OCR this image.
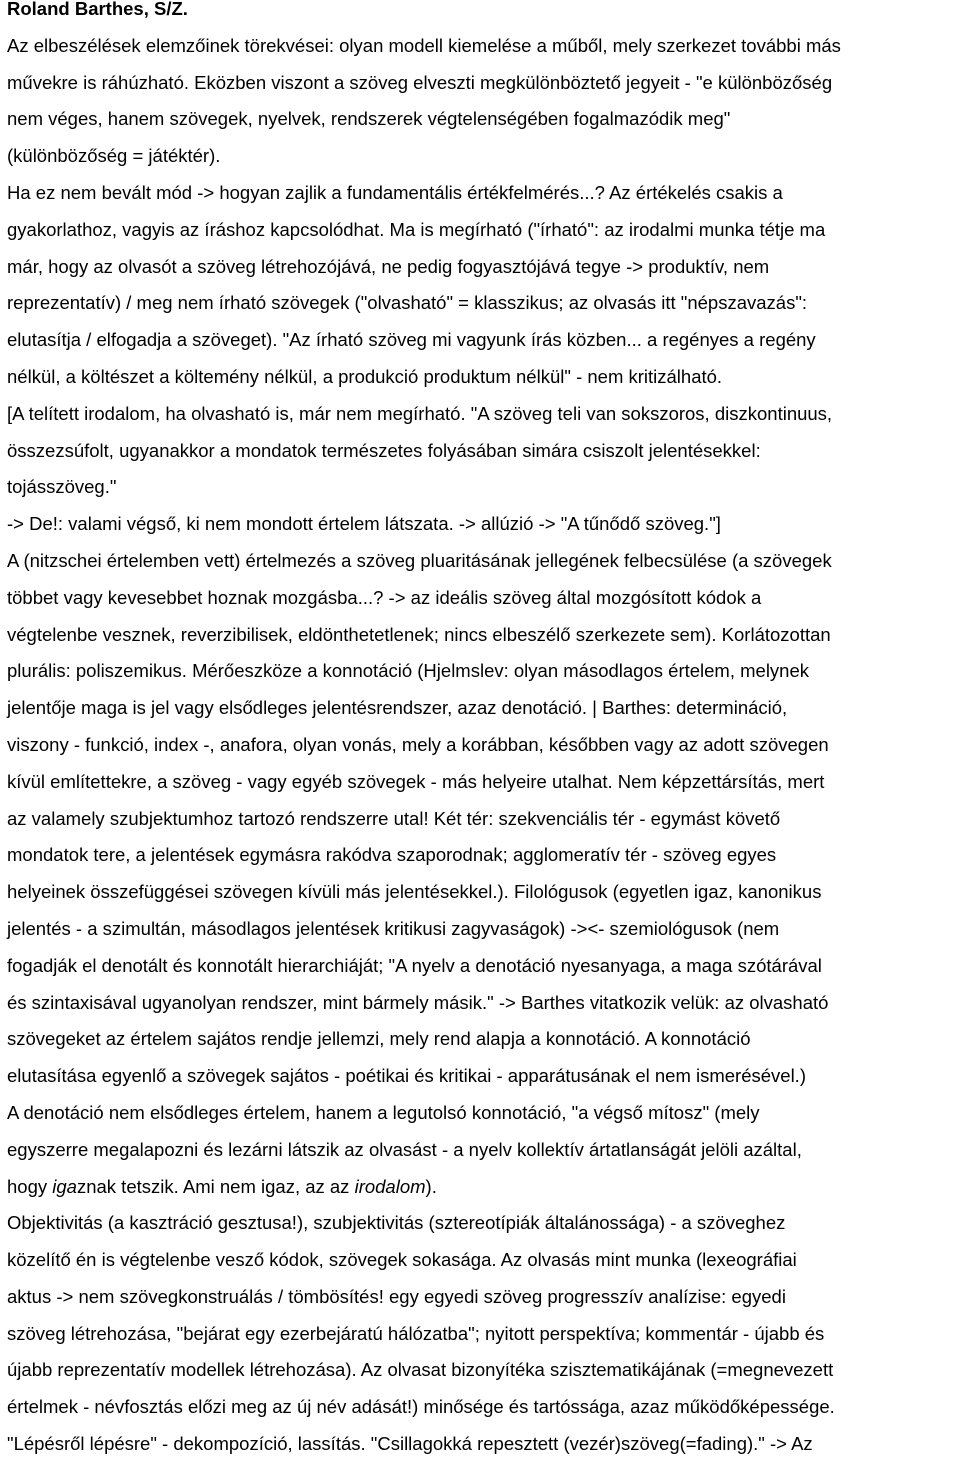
Roland Barthes, S/Z.
Az elbeszélések elemzőinek törekvései: olyan modell kiemelése a műből, mely szerkezet további más
művekre is ráhúzható. Eközben viszont a szöveg elveszti megkülönböztető jegyeit - "e különbözőség
nem véges, hanem szövegek, nyelvek, rendszerek végtelenségében fogalmazódik meg"
(különbözőség = játéktér).
Ha ez nem bevált mód -> hogyan zajlik a fundamentális értékfelmérés...? Az értékelés csakis a
gyakorlathoz, vagyis az íráshoz kapcsolódhat. Ma is megírható ("írható": az irodalmi munka tétje ma
már, hogy az olvasót a szöveg létrehozójává, ne pedig fogyasztójává tegye -> produktív, nem
reprezentatív) / meg nem írható szövegek ("olvasható" = klasszikus; az olvasás itt "népszavazás":
elutasítja / elfogadja a szöveget). "Az írható szöveg mi vagyunk írás közben... a regényes a regény
nélkül, a költészet a költemény nélkül, a produkció produktum nélkül" - nem kritizálható.
[A telített irodalom, ha olvasható is, már nem megírható. "A szöveg teli van sokszoros, diszkontinuus,
összezsúfolt, ugyanakkor a mondatok természetes folyásában simára csiszolt jelentésekkel:
tojásszöveg."
-> De!: valami végső, ki nem mondott értelem látszata. -> allúzió -> "A tűnődő szöveg."]
A (nitzschei értelemben vett) értelmezés a szöveg pluaritásának jellegének felbecsülése (a szövegek
többet vagy kevesebbet hoznak mozgásba...? -> az ideális szöveg által mozgósított kódok a
végtelenbe vesznek, reverzibilisek, eldönthetetlenek; nincs elbeszélő szerkezete sem). Korlátozottan
plurális: poliszemikus. Mérőeszköze a konnotáció (Hjelmslev: olyan másodlagos értelem, melynek
jelentője maga is jel vagy elsődleges jelentésrendszer, azaz denotáció. | Barthes: determináció,
viszony - funkció, index -, anafora, olyan vonás, mely a korábban, későbben vagy az adott szövegen
kívül említettekre, a szöveg - vagy egyéb szövegek - más helyeire utalhat. Nem képzettársítás, mert
az valamely szubjektumhoz tartozó rendszerre utal! Két tér: szekvenciális tér - egymást követő
mondatok tere, a jelentések egymásra rakódva szaporodnak; agglomeratív tér - szöveg egyes
helyeinek összefüggései szövegen kívüli más jelentésekkel.). Filológusok (egyetlen igaz, kanonikus
jelentés - a szimultán, másodlagos jelentések kritikusi zagyvaságok) -><- szemiológusok (nem
fogadják el denotált és konnotált hierarchiáját; "A nyelv a denotáció nyesanyaga, a maga szótárával
és szintaxisával ugyanolyan rendszer, mint bármely másik." -> Barthes vitatkozik velük: az olvasható
szövegeket az értelem sajátos rendje jellemzi, mely rend alapja a konnotáció. A konnotáció
elutasítása egyenlő a szövegek sajátos - poétikai és kritikai - apparátusának el nem ismerésével.)
A denotáció nem elsődleges értelem, hanem a legutolsó konnotáció, "a végső mítosz" (mely
egyszerre megalapozni és lezárni látszik az olvasást - a nyelv kollektív ártatlanságát jelöli azáltal,
hogy igaznak tetszik. Ami nem igaz, az az irodalom).
Objektivitás (a kasztráció gesztusa!), szubjektivitás (sztereotípiák általánossága) - a szöveghez
közelítő én is végtelenbe vesző kódok, szövegek sokasága. Az olvasás mint munka (lexeográfiai
aktus -> nem szövegkonstruálás / tömbösítés! egy egyedi szöveg progresszív analízise: egyedi
szöveg létrehozása, "bejárat egy ezerbejáratú hálózatba"; nyitott perspektíva; kommentár - újabb és
újabb reprezentatív modellek létrehozása). Az olvasat bizonyítéka szisztematikájának (=megnevezett
értelmek - névfosztás előzi meg az új név adását!) minősége és tartóssága, azaz működőképessége.
"Lépésről lépésre" - dekompozíció, lassítás. "Csillagokká repesztett (vezér)szöveg(=fading)." -> Az
